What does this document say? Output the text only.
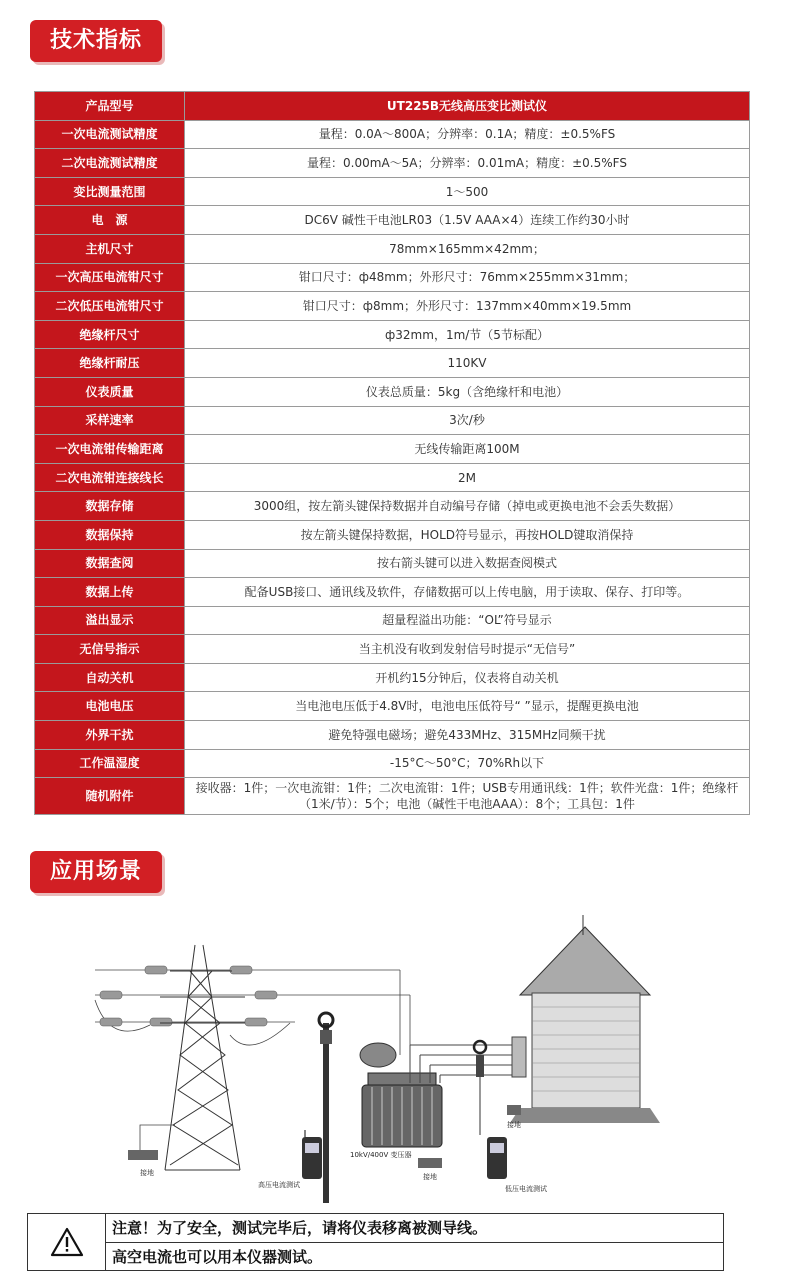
技术指标
产品型号	UT225B无线高压变比测试仪
一次电流测试精度	量程：0.0A～800A；分辨率：0.1A；精度：±0.5%FS
二次电流测试精度	量程：0.00mA～5A；分辨率：0.01mA；精度：±0.5%FS
变比测量范围	1～500
电　源	DC6V 碱性干电池LR03（1.5V AAA×4）连续工作约30小时
主机尺寸	78mm×165mm×42mm；
一次高压电流钳尺寸	钳口尺寸：ф48mm；外形尺寸：76mm×255mm×31mm；
二次低压电流钳尺寸	钳口尺寸：ф8mm；外形尺寸：137mm×40mm×19.5mm
绝缘杆尺寸	ф32mm，1m/节（5节标配）
绝缘杆耐压	110KV
仪表质量	仪表总质量：5kg（含绝缘杆和电池）
采样速率	3次/秒
一次电流钳传输距离	无线传输距离100M
二次电流钳连接线长	2M
数据存储	3000组，按左箭头键保持数据并自动编号存储（掉电或更换电池不会丢失数据）
数据保持	按左箭头键保持数据，HOLD符号显示，再按HOLD键取消保持
数据查阅	按右箭头键可以进入数据查阅模式
数据上传	配备USB接口、通讯线及软件，存储数据可以上传电脑，用于读取、保存、打印等。
溢出显示	超量程溢出功能：“OL”符号显示
无信号指示	当主机没有收到发射信号时提示“无信号”
自动关机	开机约15分钟后，仪表将自动关机
电池电压	当电池电压低于4.8V时，电池电压低符号“ ”显示，提醒更换电池
外界干扰	避免特强电磁场；避免433MHz、315MHz同频干扰
工作温湿度	-15°C～50°C；70%Rh以下
随机附件	接收器：1件；一次电流钳：1件；二次电流钳：1件；USB专用通讯线：1件；软件光盘：1件；绝缘杆（1米/节）：5个；电池（碱性干电池AAA）：8个；工具包：1件
应用场景
接地
高压电流测试
10kV/400V 变压器
接地
低压电流测试
接地
注意！为了安全，测试完毕后，请将仪表移离被测导线。
高空电流也可以用本仪器测试。
